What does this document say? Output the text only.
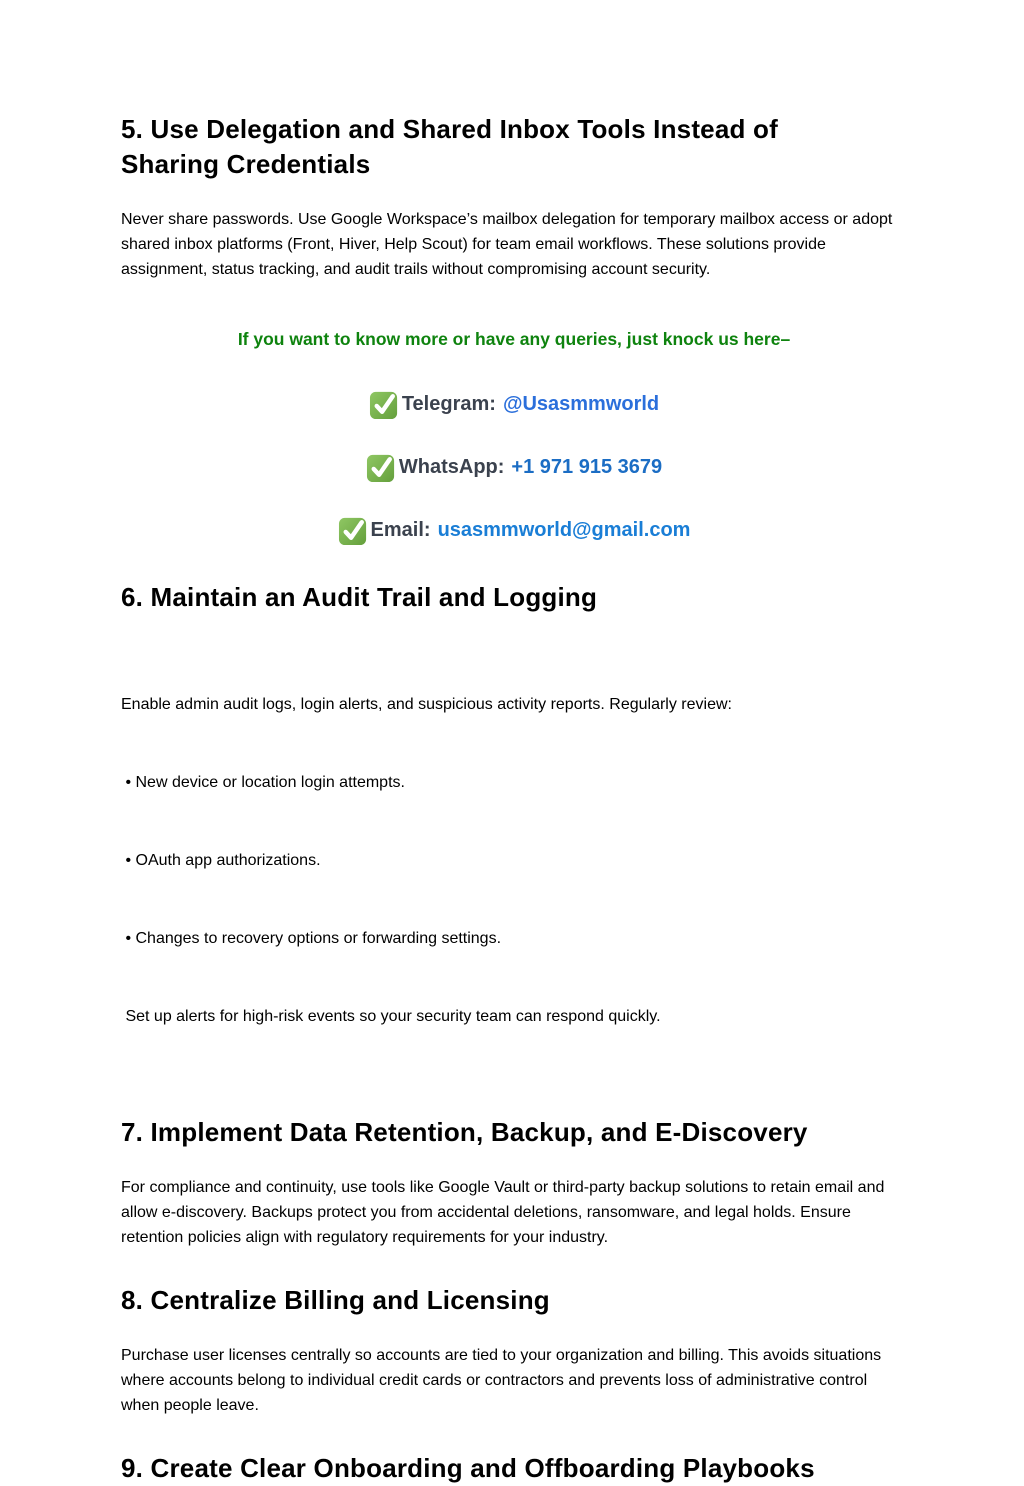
5. Use Delegation and Shared Inbox Tools Instead of
Sharing Credentials

Never share passwords. Use Google Workspace’s mailbox delegation for temporary mailbox access or adopt shared inbox platforms (Front, Hiver, Help Scout) for team email workflows. These solutions provide assignment, status tracking, and audit trails without compromising account security.

If you want to know more or have any queries, just knock us here–

Telegram: @Usasmmworld
WhatsApp: +1 971 915 3679
Email: usasmmworld@gmail.com
6. Maintain an Audit Trail and Logging

Enable admin audit logs, login alerts, and suspicious activity reports. Regularly review:

• New device or location login attempts.

• OAuth app authorizations.

• Changes to recovery options or forwarding settings.

Set up alerts for high-risk events so your security team can respond quickly.

7. Implement Data Retention, Backup, and E-Discovery

For compliance and continuity, use tools like Google Vault or third-party backup solutions to retain email and allow e-discovery. Backups protect you from accidental deletions, ransomware, and legal holds. Ensure retention policies align with regulatory requirements for your industry.

8. Centralize Billing and Licensing

Purchase user licenses centrally so accounts are tied to your organization and billing. This avoids situations where accounts belong to individual credit cards or contractors and prevents loss of administrative control when people leave.

9. Create Clear Onboarding and Offboarding Playbooks
